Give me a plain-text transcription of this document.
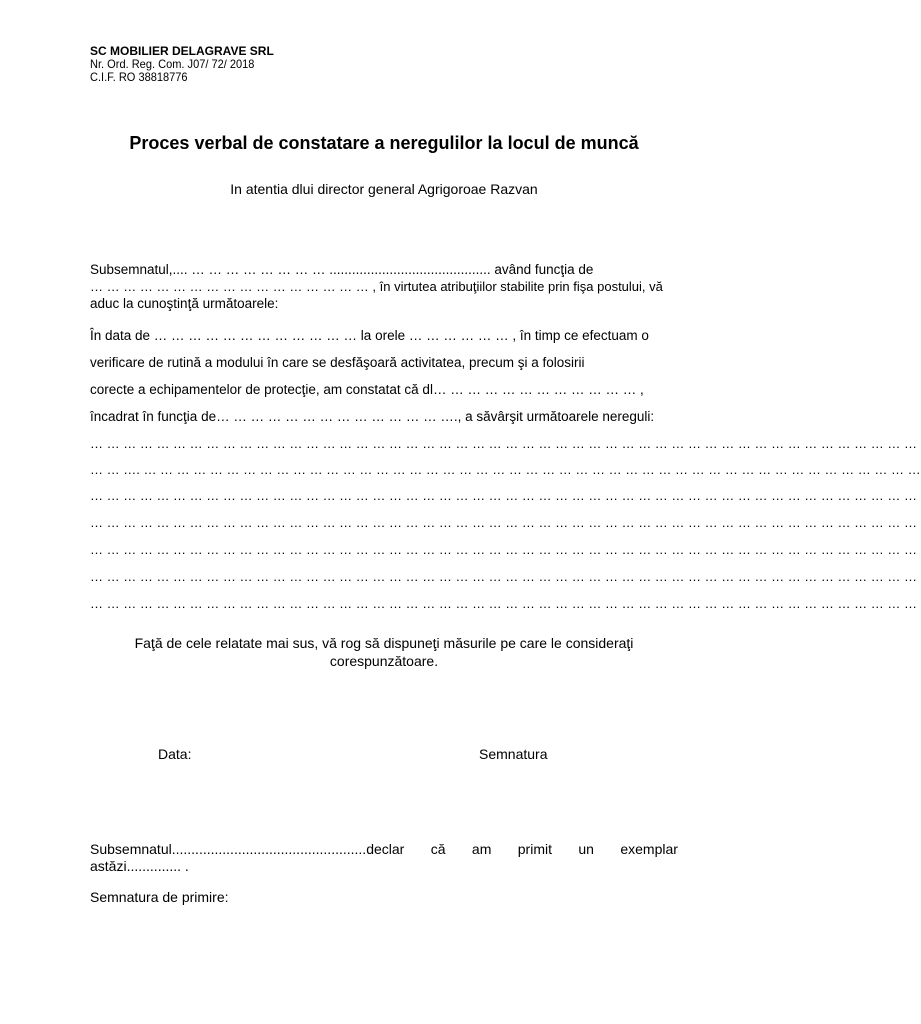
SC MOBILIER DELAGRAVE SRL
Nr. Ord. Reg. Com. J07/ 72/ 2018
C.I.F. RO 38818776
Proces verbal de constatare a neregulilor la locul de muncă
In atentia dlui director general Agrigoroae Razvan
Subsemnatul,.... … … … … … … … … ........................................... având funcţia de
… … … … … … … … … … … … … … … … … , în virtutea atribuţiilor stabilite prin fişa postului, vă
aduc la cunoştinţă următoarele:
În data de … … … … … … … … … … … … la orele … … … … … … , în timp ce efectuam o
verificare de rutină a modului în care se desfăşoară activitatea, precum şi a folosirii
corecte a echipamentelor de protecţie, am constatat că dl… … … … … … … … … … … … ,
încadrat în funcţia de… … … … … … … … … … … … … …., a săvârşit următoarele nereguli:
… … … … … … … … … … … … … … … … … … … … … … … … … … … … … … … … … … … … … … … … … … … … … … … … … …
… … …. … … … … … … … … … … … … … … … … … … … … … … … … … … … … … … … … … … … … … … … … … … … … … … …
… … … … … … … … … … … … … … … … … … … … … … … … … … … … … … … … … … … … … … … … … … … … … … … … … …
… … … … … … … … … … … … … … … … … … … … … … … … … … … … … … … … … … … … … … … … … … … … … … … … … …
… … … … … … … … … … … … … … … … … … … … … … … … … … … … … … … … … … … … … … … … … … … … … … … … … …
… … … … … … … … … … … … … … … … … … … … … … … … … … … … … … … … … … … … … … … … … … … … … … … … … …
… … … … … … … … … … … … … … … … … … … … … … … … … … … … … … … … … … … … … … … … … … … … … … … … … …
Faţă de cele relatate mai sus, vă rog să dispuneţi măsurile pe care le consideraţi
corespunzătoare.
Data:	Semnatura
Subsemnatul..................................................declar că am primit un exemplar
astăzi.............. .
Semnatura de primire:
